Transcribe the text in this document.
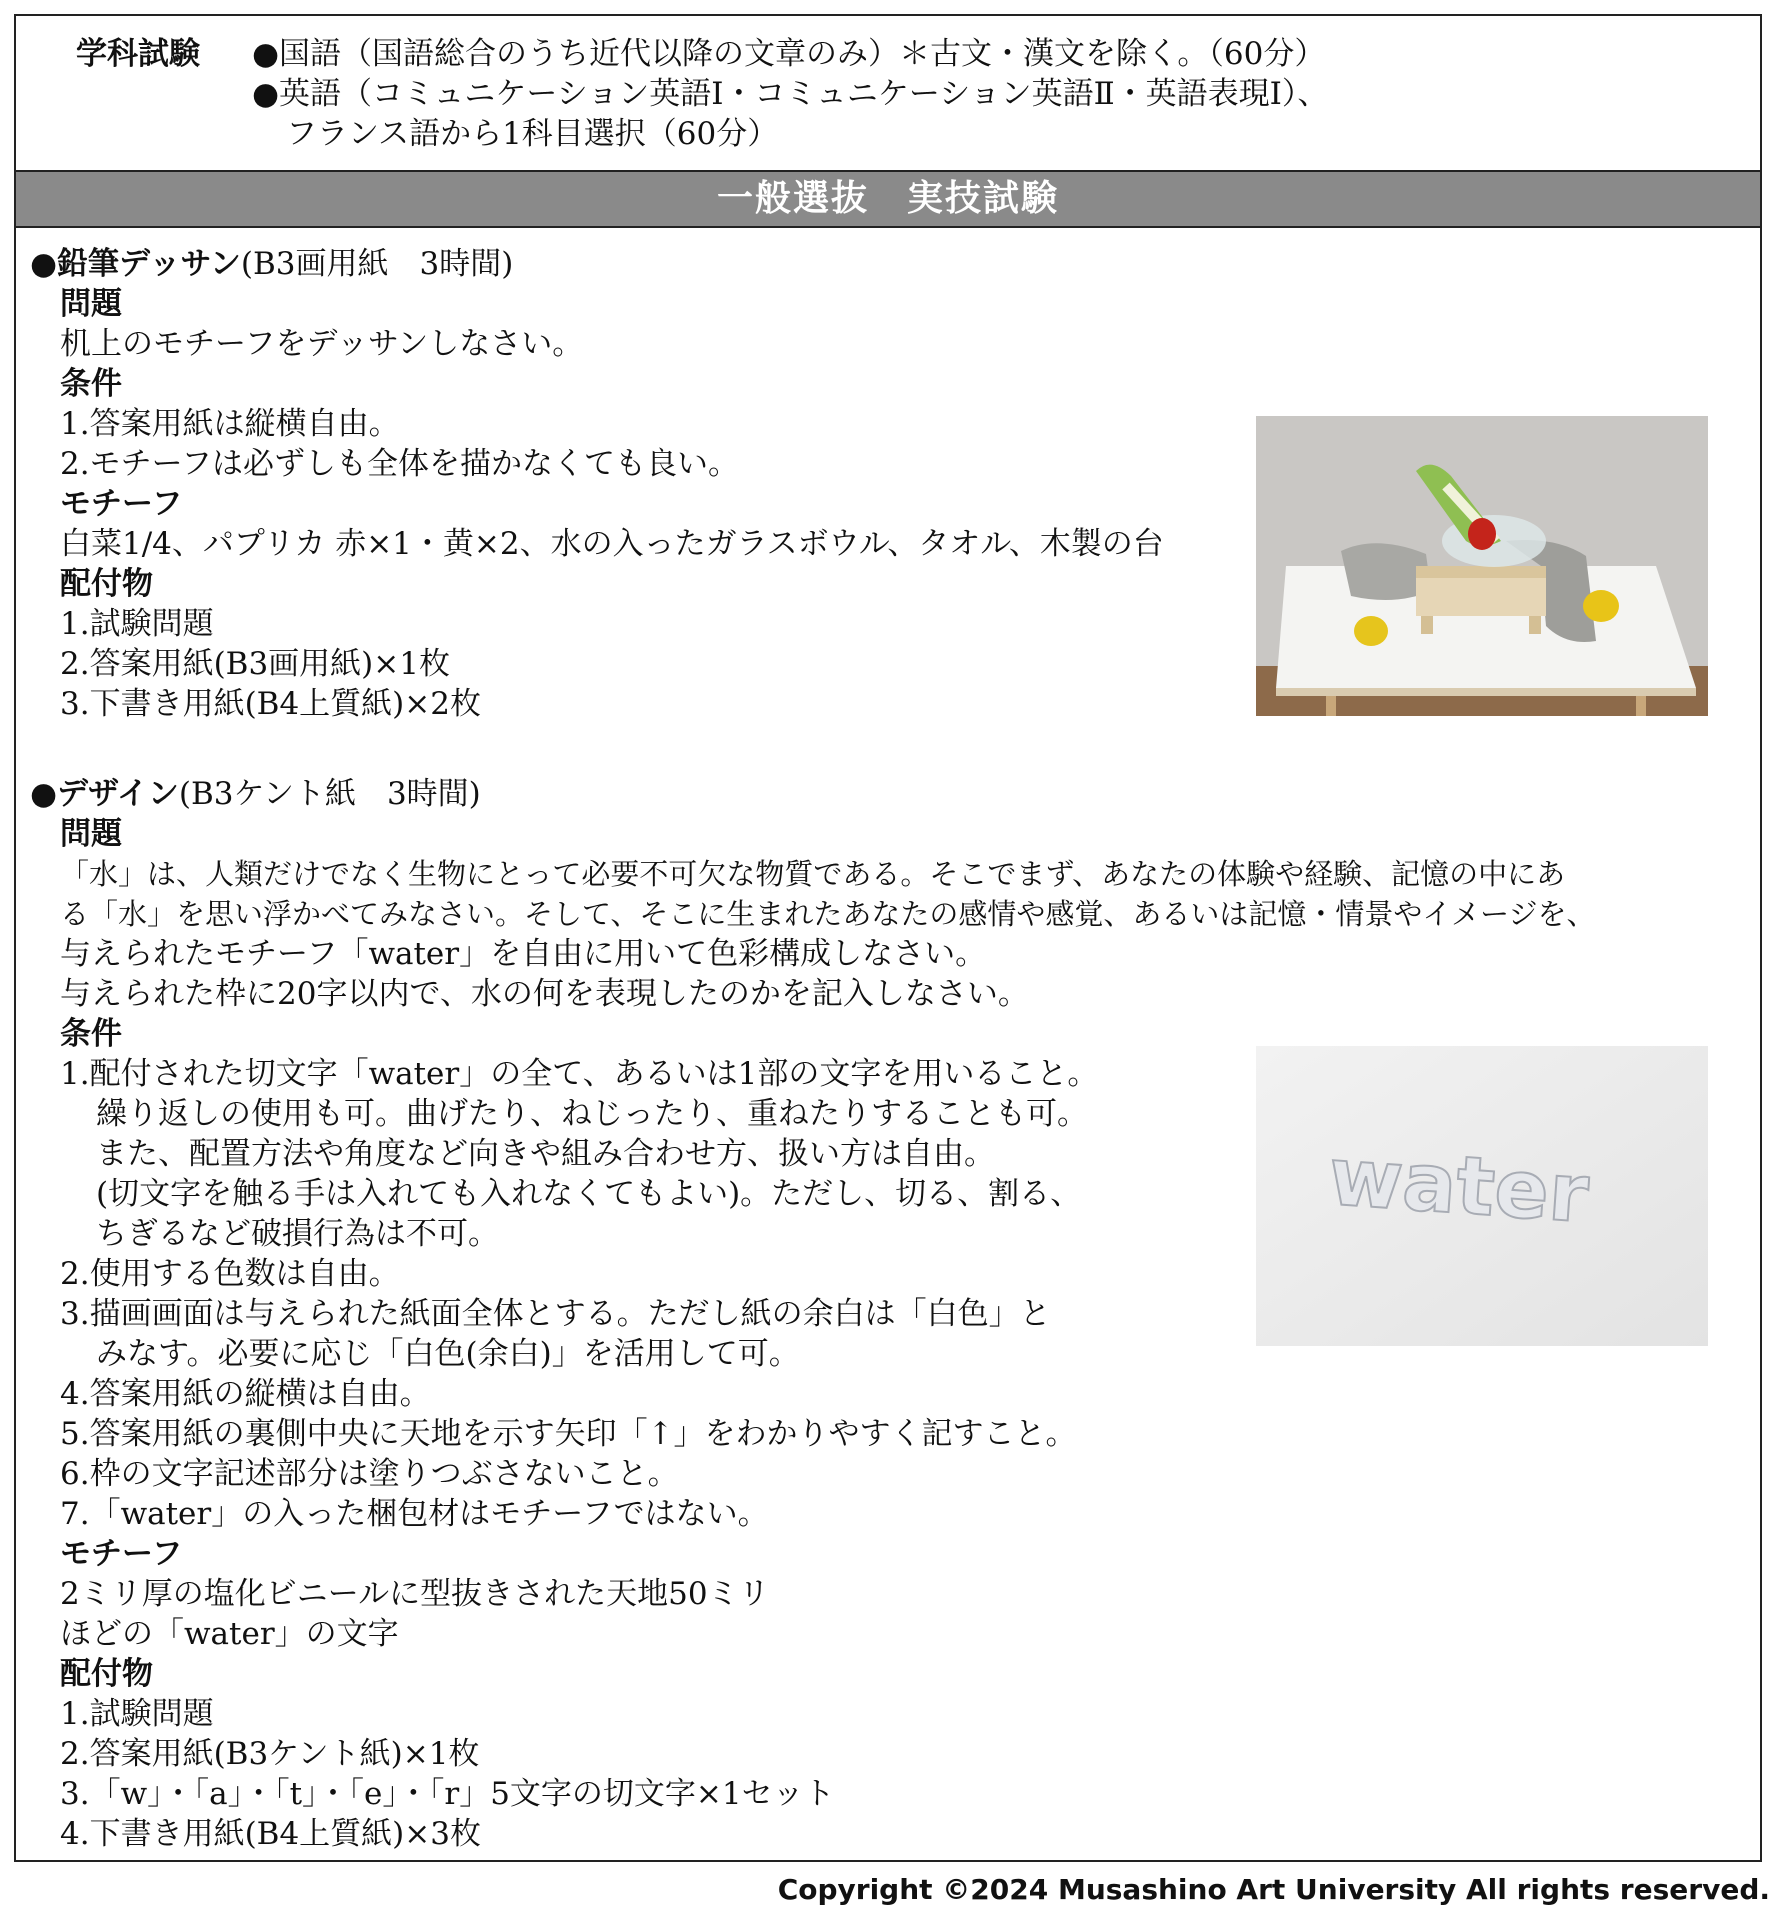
学科試験 ●国語（国語総合のうち近代以降の文章のみ）＊古文・漢文を除く。（60分）
●英語（コミュニケーション英語Ⅰ・コミュニケーション英語Ⅱ・英語表現Ⅰ）、
フランス語から1科目選択（60分）
一般選抜　実技試験
●鉛筆デッサン(B3画用紙　3時間)
問題
机上のモチーフをデッサンしなさい。
条件
1.答案用紙は縦横自由。
2.モチーフは必ずしも全体を描かなくても良い。
モチーフ
白菜1/4、パプリカ 赤×1・黄×2、水の入ったガラスボウル、タオル、木製の台
配付物
1.試験問題
2.答案用紙(B3画用紙)×1枚
3.下書き用紙(B4上質紙)×2枚
●デザイン(B3ケント紙　3時間)
問題
「水」は、人類だけでなく生物にとって必要不可欠な物質である。そこでまず、あなたの体験や経験、記憶の中にあ
る「水」を思い浮かべてみなさい。そして、そこに生まれたあなたの感情や感覚、あるいは記憶・情景やイメージを、
与えられたモチーフ「water」を自由に用いて色彩構成しなさい。
与えられた枠に20字以内で、水の何を表現したのかを記入しなさい。
条件
1.配付された切文字「water」の全て、あるいは1部の文字を用いること。
繰り返しの使用も可。曲げたり、ねじったり、重ねたりすることも可。
また、配置方法や角度など向きや組み合わせ方、扱い方は自由。
(切文字を触る手は入れても入れなくてもよい)。ただし、切る、割る、
ちぎるなど破損行為は不可。
2.使用する色数は自由。
3.描画画面は与えられた紙面全体とする。ただし紙の余白は「白色」と
みなす。必要に応じ「白色(余白)」を活用して可。
4.答案用紙の縦横は自由。
5.答案用紙の裏側中央に天地を示す矢印「↑」をわかりやすく記すこと。
6.枠の文字記述部分は塗りつぶさないこと。
7.「water」の入った梱包材はモチーフではない。
モチーフ
2ミリ厚の塩化ビニールに型抜きされた天地50ミリ
ほどの「water」の文字
配付物
1.試験問題
2.答案用紙(B3ケント紙)×1枚
3.「w」・「a」・「t」・「e」・「r」5文字の切文字×1セット
4.下書き用紙(B4上質紙)×3枚
water
Copyright ©2024 Musashino Art University All rights reserved.
